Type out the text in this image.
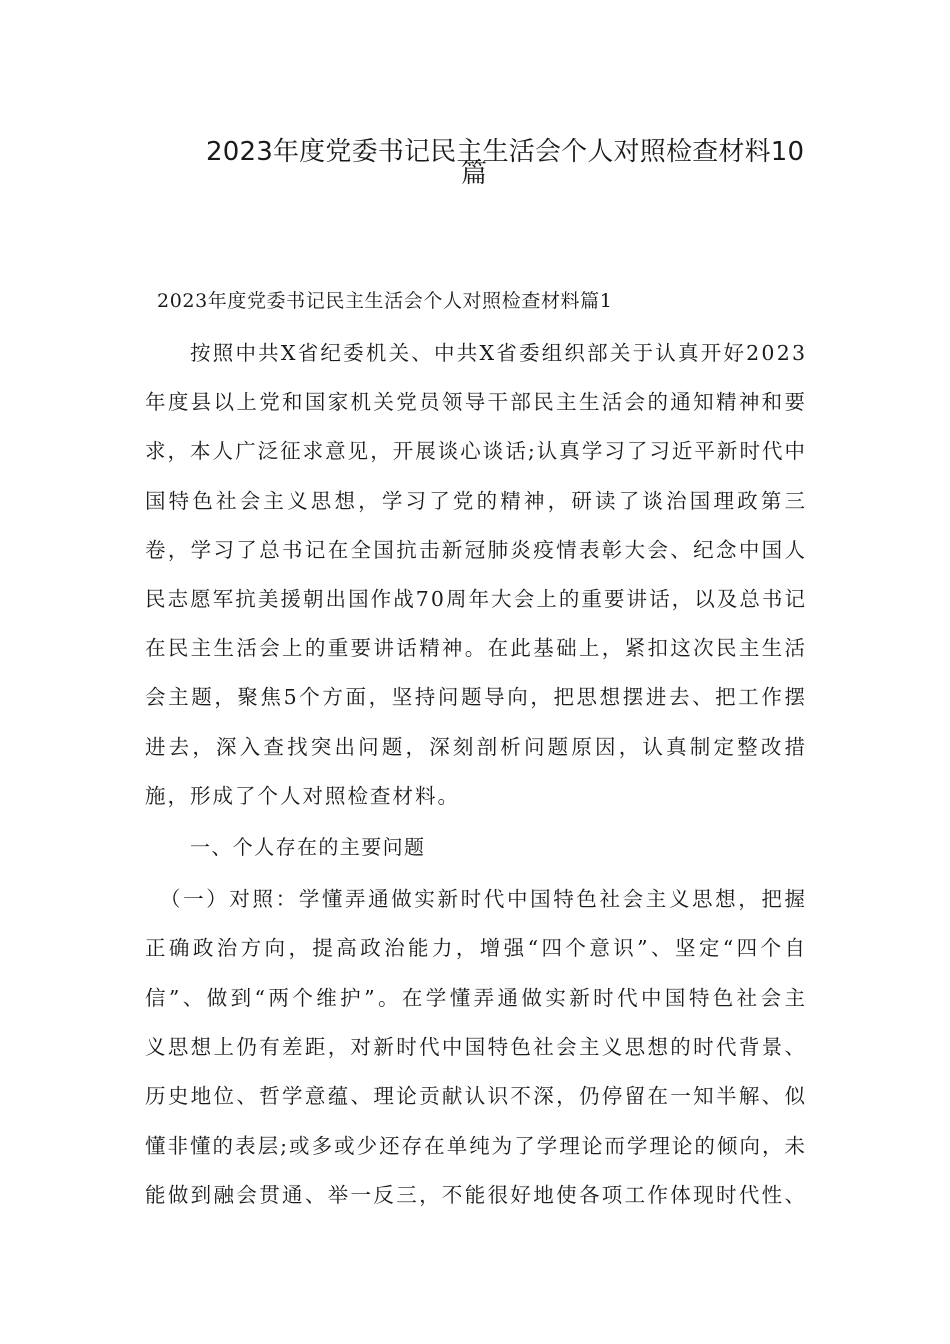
2023年度党委书记民主生活会个人对照检查材料10
篇
2023年度党委书记民主生活会个人对照检查材料篇1
按照中共X省纪委机关、中共X省委组织部关于认真开好2023
年度县以上党和国家机关党员领导干部民主生活会的通知精神和要
求，本人广泛征求意见，开展谈心谈话;认真学习了习近平新时代中
国特色社会主义思想，学习了党的精神，研读了谈治国理政第三
卷，学习了总书记在全国抗击新冠肺炎疫情表彰大会、纪念中国人
民志愿军抗美援朝出国作战70周年大会上的重要讲话，以及总书记
在民主生活会上的重要讲话精神。在此基础上，紧扣这次民主生活
会主题，聚焦5个方面，坚持问题导向，把思想摆进去、把工作摆
进去，深入查找突出问题，深刻剖析问题原因，认真制定整改措
施，形成了个人对照检查材料。
一、个人存在的主要问题
（一）对照：学懂弄通做实新时代中国特色社会主义思想，把握
正确政治方向，提高政治能力，增强“四个意识”、坚定“四个自
信”、做到“两个维护”。在学懂弄通做实新时代中国特色社会主
义思想上仍有差距，对新时代中国特色社会主义思想的时代背景、
历史地位、哲学意蕴、理论贡献认识不深，仍停留在一知半解、似
懂非懂的表层;或多或少还存在单纯为了学理论而学理论的倾向，未
能做到融会贯通、举一反三，不能很好地使各项工作体现时代性、
